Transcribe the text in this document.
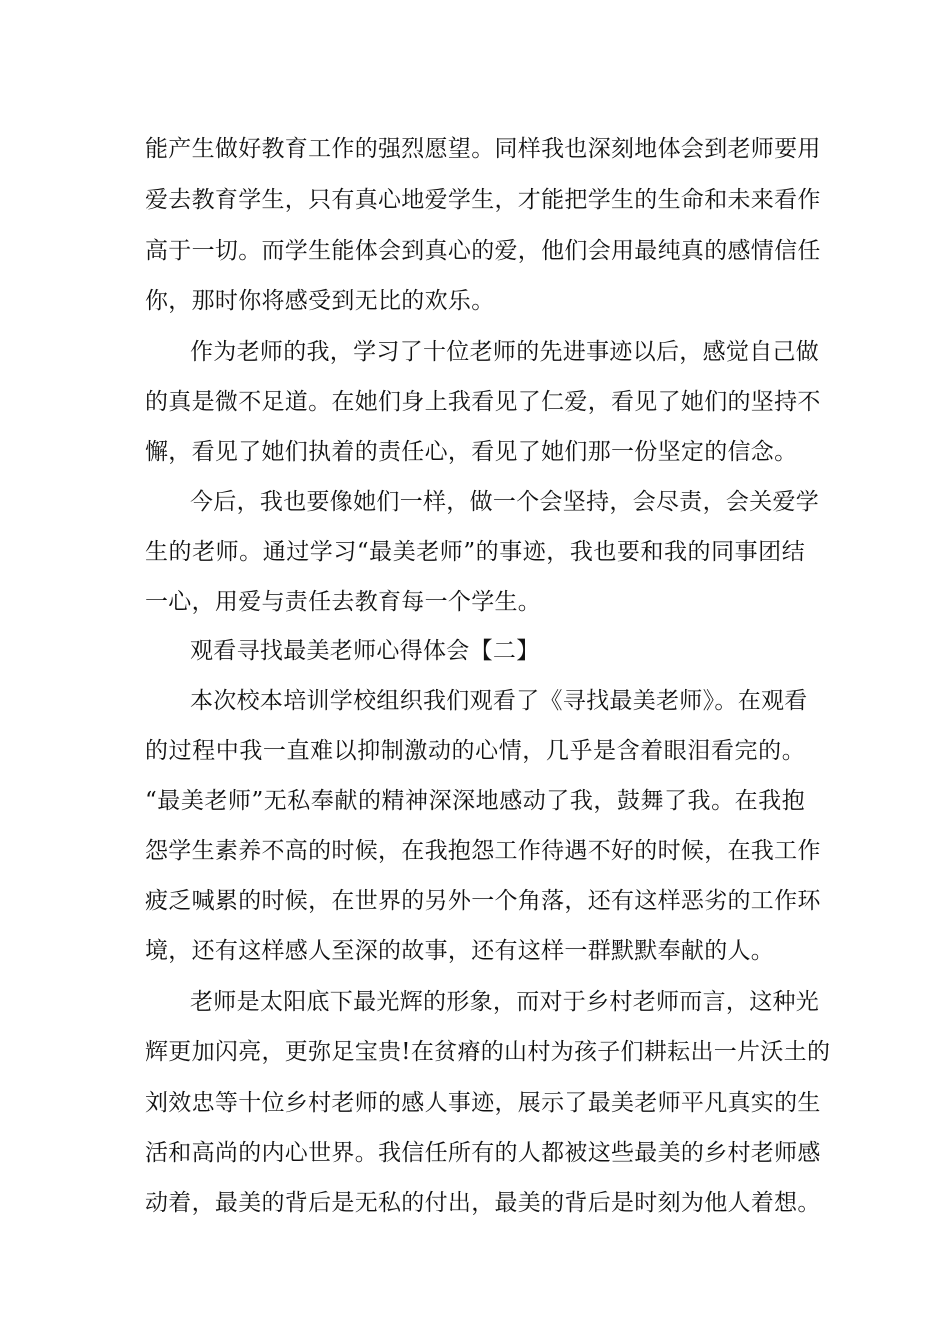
能产生做好教育工作的强烈愿望。同样我也深刻地体会到老师要用
爱去教育学生，只有真心地爱学生，才能把学生的生命和未来看作
高于一切。而学生能体会到真心的爱，他们会用最纯真的感情信任
你，那时你将感受到无比的欢乐。
作为老师的我，学习了十位老师的先进事迹以后，感觉自己做
的真是微不足道。在她们身上我看见了仁爱，看见了她们的坚持不
懈，看见了她们执着的责任心，看见了她们那一份坚定的信念。
今后，我也要像她们一样，做一个会坚持，会尽责，会关爱学
生的老师。通过学习“最美老师”的事迹，我也要和我的同事团结
一心，用爱与责任去教育每一个学生。
观看寻找最美老师心得体会【二】
本次校本培训学校组织我们观看了《寻找最美老师》。在观看
的过程中我一直难以抑制激动的心情，几乎是含着眼泪看完的。
“最美老师”无私奉献的精神深深地感动了我，鼓舞了我。在我抱
怨学生素养不高的时候，在我抱怨工作待遇不好的时候，在我工作
疲乏喊累的时候，在世界的另外一个角落，还有这样恶劣的工作环
境，还有这样感人至深的故事，还有这样一群默默奉献的人。
老师是太阳底下最光辉的形象，而对于乡村老师而言，这种光
辉更加闪亮，更弥足宝贵!在贫瘠的山村为孩子们耕耘出一片沃土的
刘效忠等十位乡村老师的感人事迹，展示了最美老师平凡真实的生
活和高尚的内心世界。我信任所有的人都被这些最美的乡村老师感
动着，最美的背后是无私的付出，最美的背后是时刻为他人着想。
